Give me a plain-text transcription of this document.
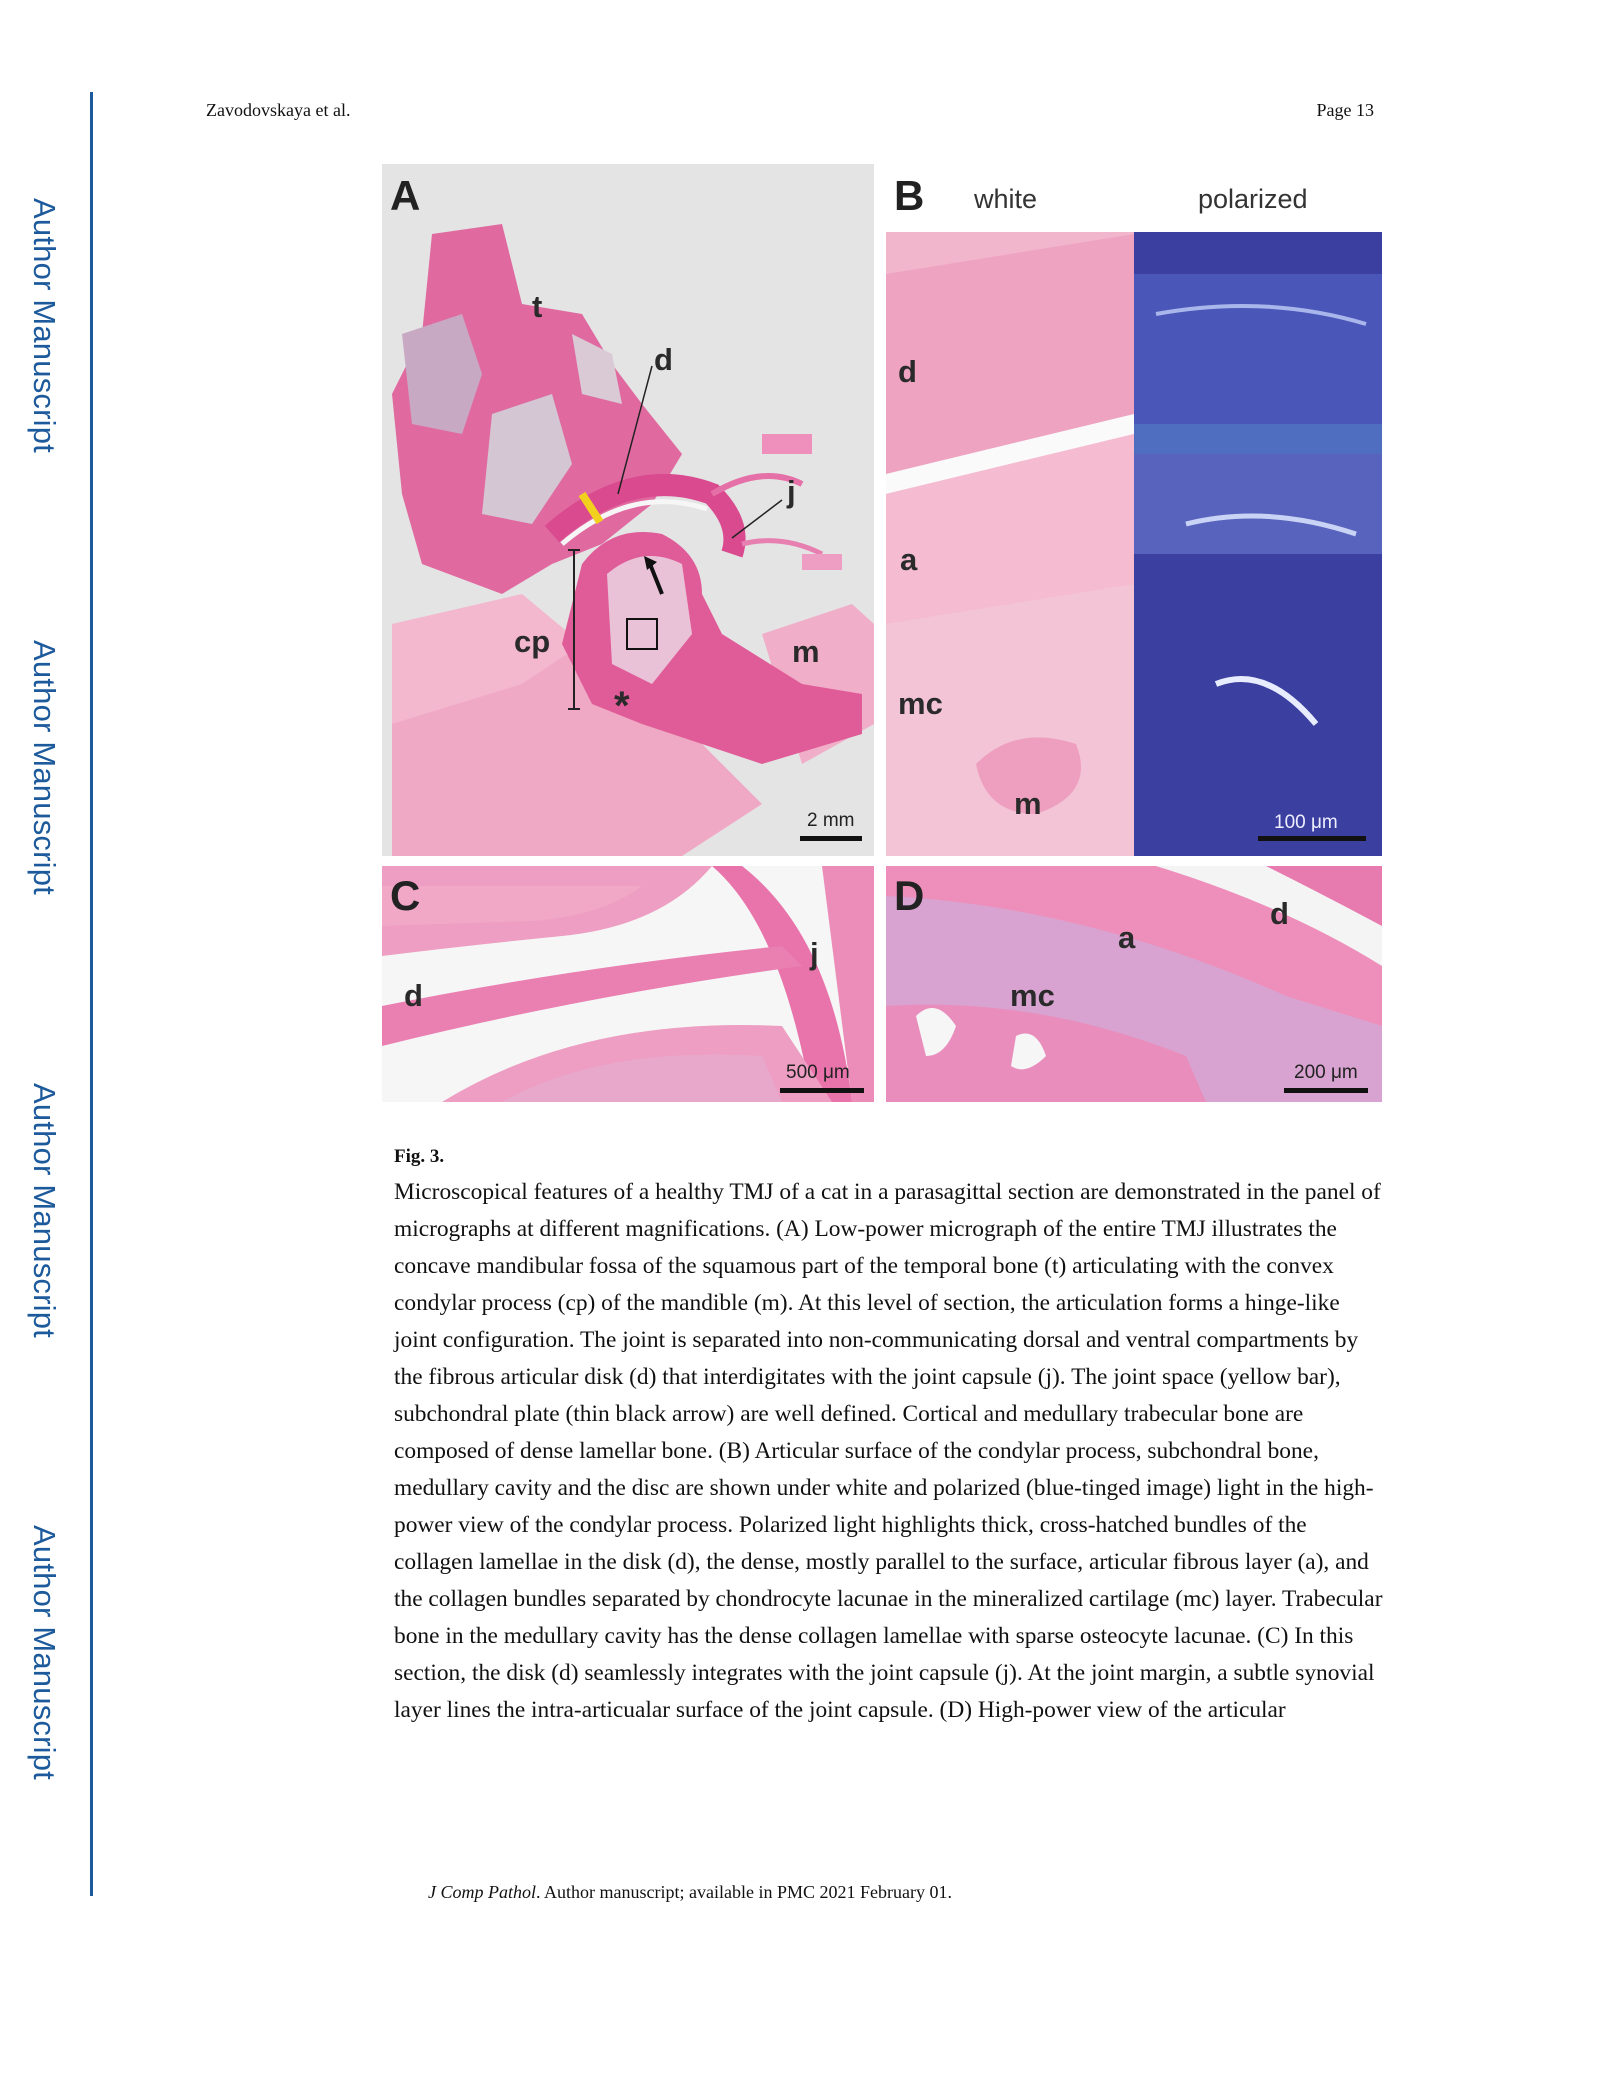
Author Manuscript
Author Manuscript
Author Manuscript
Author Manuscript
Zavodovskaya et al.	Page 13
A
t
d
j
cp	m
*
2 mm
B white	polarized
d
a
mc
m
100 μm
C
d
j
500 μm
D
a
d
mc
200 μm
Fig. 3.
Microscopical features of a healthy TMJ of a cat in a parasagittal section are demonstrated in the panel of micrographs at different magnifications. (A) Low-power micrograph of the entire TMJ illustrates the concave mandibular fossa of the squamous part of the temporal bone (t) articulating with the convex condylar process (cp) of the mandible (m). At this level of section, the articulation forms a hinge-like joint configuration. The joint is separated into non-communicating dorsal and ventral compartments by the fibrous articular disk (d) that interdigitates with the joint capsule (j). The joint space (yellow bar), subchondral plate (thin black arrow) are well defined. Cortical and medullary trabecular bone are composed of dense lamellar bone. (B) Articular surface of the condylar process, subchondral bone, medullary cavity and the disc are shown under white and polarized (blue-tinged image) light in the high-power view of the condylar process. Polarized light highlights thick, cross-hatched bundles of the collagen lamellae in the disk (d), the dense, mostly parallel to the surface, articular fibrous layer (a), and the collagen bundles separated by chondrocyte lacunae in the mineralized cartilage (mc) layer. Trabecular bone in the medullary cavity has the dense collagen lamellae with sparse osteocyte lacunae. (C) In this section, the disk (d) seamlessly integrates with the joint capsule (j). At the joint margin, a subtle synovial layer lines the intra-articualar surface of the joint capsule. (D) High-power view of the articular
J Comp Pathol. Author manuscript; available in PMC 2021 February 01.
